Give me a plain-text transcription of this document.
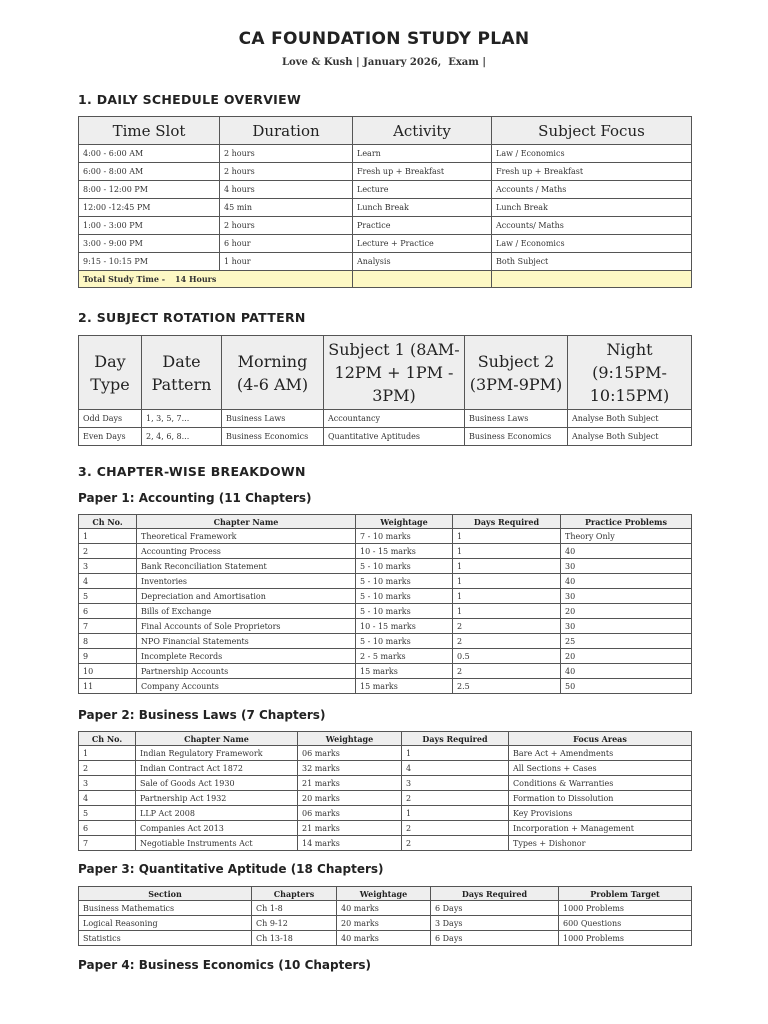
CA FOUNDATION STUDY PLAN
Love & Kush | January 2026,  Exam |
1. DAILY SCHEDULE OVERVIEW
Time Slot	Duration	Activity	Subject Focus
4:00 - 6:00 AM	2 hours	Learn	Law / Economics
6:00 - 8:00 AM	2 hours	Fresh up + Breakfast	Fresh up + Breakfast
8:00 - 12:00 PM	4 hours	Lecture	Accounts / Maths
12:00 -12:45 PM	45 min	Lunch Break	Lunch Break
1:00 - 3:00 PM	2 hours	Practice	Accounts/ Maths
3:00 - 9:00 PM	6 hour	Lecture + Practice	Law / Economics
9:15 - 10:15 PM	1 hour	Analysis	Both Subject
Total Study Time - 14 Hours			
2. SUBJECT ROTATION PATTERN
Day Type	Date Pattern	Morning (4-6 AM)	Subject 1 (8AM-12PM + 1PM - 3PM)	Subject 2 (3PM-9PM)	Night (9:15PM-10:15PM)
Odd Days	1, 3, 5, 7...	Business Laws	Accountancy	Business Laws	Analyse Both Subject
Even Days	2, 4, 6, 8...	Business Economics	Quantitative Aptitudes	Business Economics	Analyse Both Subject
3. CHAPTER-WISE BREAKDOWN
Paper 1: Accounting (11 Chapters)
Ch No.	Chapter Name	Weightage	Days Required	Practice Problems
1	Theoretical Framework	7 - 10 marks	1	Theory Only
2	Accounting Process	10 - 15 marks	1	40
3	Bank Reconciliation Statement	5 - 10 marks	1	30
4	Inventories	5 - 10 marks	1	40
5	Depreciation and Amortisation	5 - 10 marks	1	30
6	Bills of Exchange	5 - 10 marks	1	20
7	Final Accounts of Sole Proprietors	10 - 15 marks	2	30
8	NPO Financial Statements	5 - 10 marks	2	25
9	Incomplete Records	2 - 5 marks	0.5	20
10	Partnership Accounts	15 marks	2	40
11	Company Accounts	15 marks	2.5	50
Paper 2: Business Laws (7 Chapters)
Ch No.	Chapter Name	Weightage	Days Required	Focus Areas
1	Indian Regulatory Framework	06 marks	1	Bare Act + Amendments
2	Indian Contract Act 1872	32 marks	4	All Sections + Cases
3	Sale of Goods Act 1930	21 marks	3	Conditions & Warranties
4	Partnership Act 1932	20 marks	2	Formation to Dissolution
5	LLP Act 2008	06 marks	1	Key Provisions
6	Companies Act 2013	21 marks	2	Incorporation + Management
7	Negotiable Instruments Act	14 marks	2	Types + Dishonor
Paper 3: Quantitative Aptitude (18 Chapters)
Section	Chapters	Weightage	Days Required	Problem Target
Business Mathematics	Ch 1-8	40 marks	6 Days	1000 Problems
Logical Reasoning	Ch 9-12	20 marks	3 Days	600 Questions
Statistics	Ch 13-18	40 marks	6 Days	1000 Problems
Paper 4: Business Economics (10 Chapters)
